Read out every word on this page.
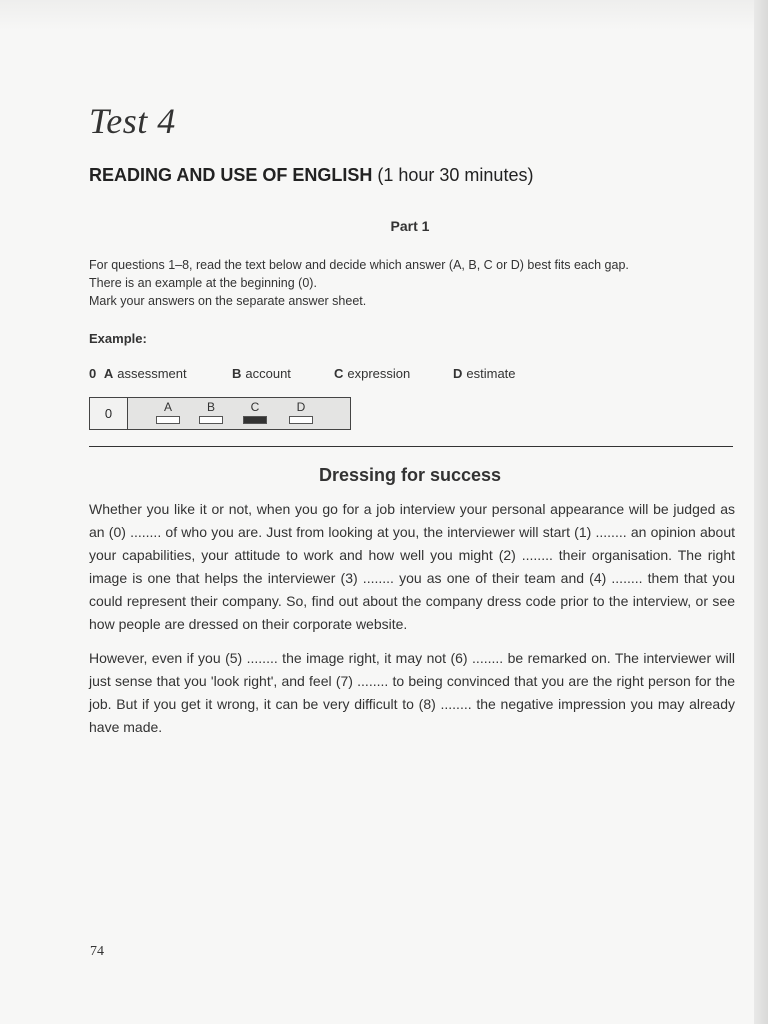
Test 4
READING AND USE OF ENGLISH (1 hour 30 minutes)
Part 1

For questions 1–8, read the text below and decide which answer (A, B, C or D) best fits each gap.

There is an example at the beginning (0).

Mark your answers on the separate answer sheet.

Example:
0 A assessment	B account	C expression	D estimate
0	A	B	C	D
Dressing for success

Whether you like it or not, when you go for a job interview your personal appearance will be judged as an (0) ........ of who you are. Just from looking at you, the interviewer will start (1) ........ an opinion about your capabilities, your attitude to work and how well you might (2) ........ their organisation. The right image is one that helps the interviewer (3) ........ you as one of their team and (4) ........ them that you could represent their company. So, find out about the company dress code prior to the interview, or see how people are dressed on their corporate website.

However, even if you (5) ........ the image right, it may not (6) ........ be remarked on. The interviewer will just sense that you 'look right', and feel (7) ........ to being convinced that you are the right person for the job. But if you get it wrong, it can be very difficult to (8) ........ the negative impression you may already have made.

74
